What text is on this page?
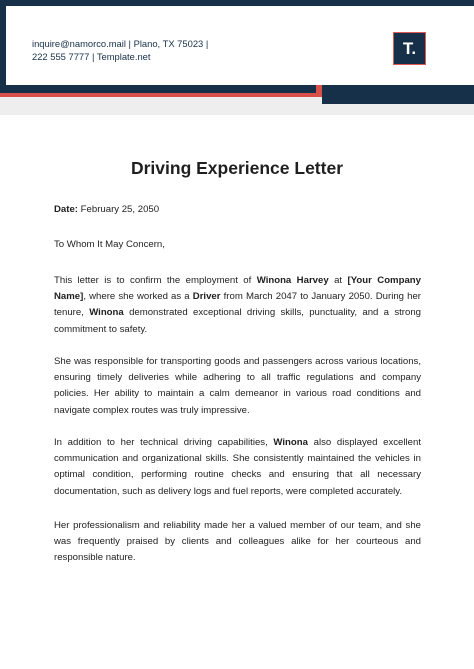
inquire@namorco.mail | Plano, TX 75023 |
222 555 7777 | Template.net	T.
Driving Experience Letter
Date: February 25, 2050
To Whom It May Concern,
This letter is to confirm the employment of Winona Harvey at [Your Company Name], where she worked as a Driver from March 2047 to January 2050. During her tenure, Winona demonstrated exceptional driving skills, punctuality, and a strong commitment to safety.
She was responsible for transporting goods and passengers across various locations, ensuring timely deliveries while adhering to all traffic regulations and company policies. Her ability to maintain a calm demeanor in various road conditions and navigate complex routes was truly impressive.
In addition to her technical driving capabilities, Winona also displayed excellent communication and organizational skills. She consistently maintained the vehicles in optimal condition, performing routine checks and ensuring that all necessary documentation, such as delivery logs and fuel reports, were completed accurately.
Her professionalism and reliability made her a valued member of our team, and she was frequently praised by clients and colleagues alike for her courteous and responsible nature.
